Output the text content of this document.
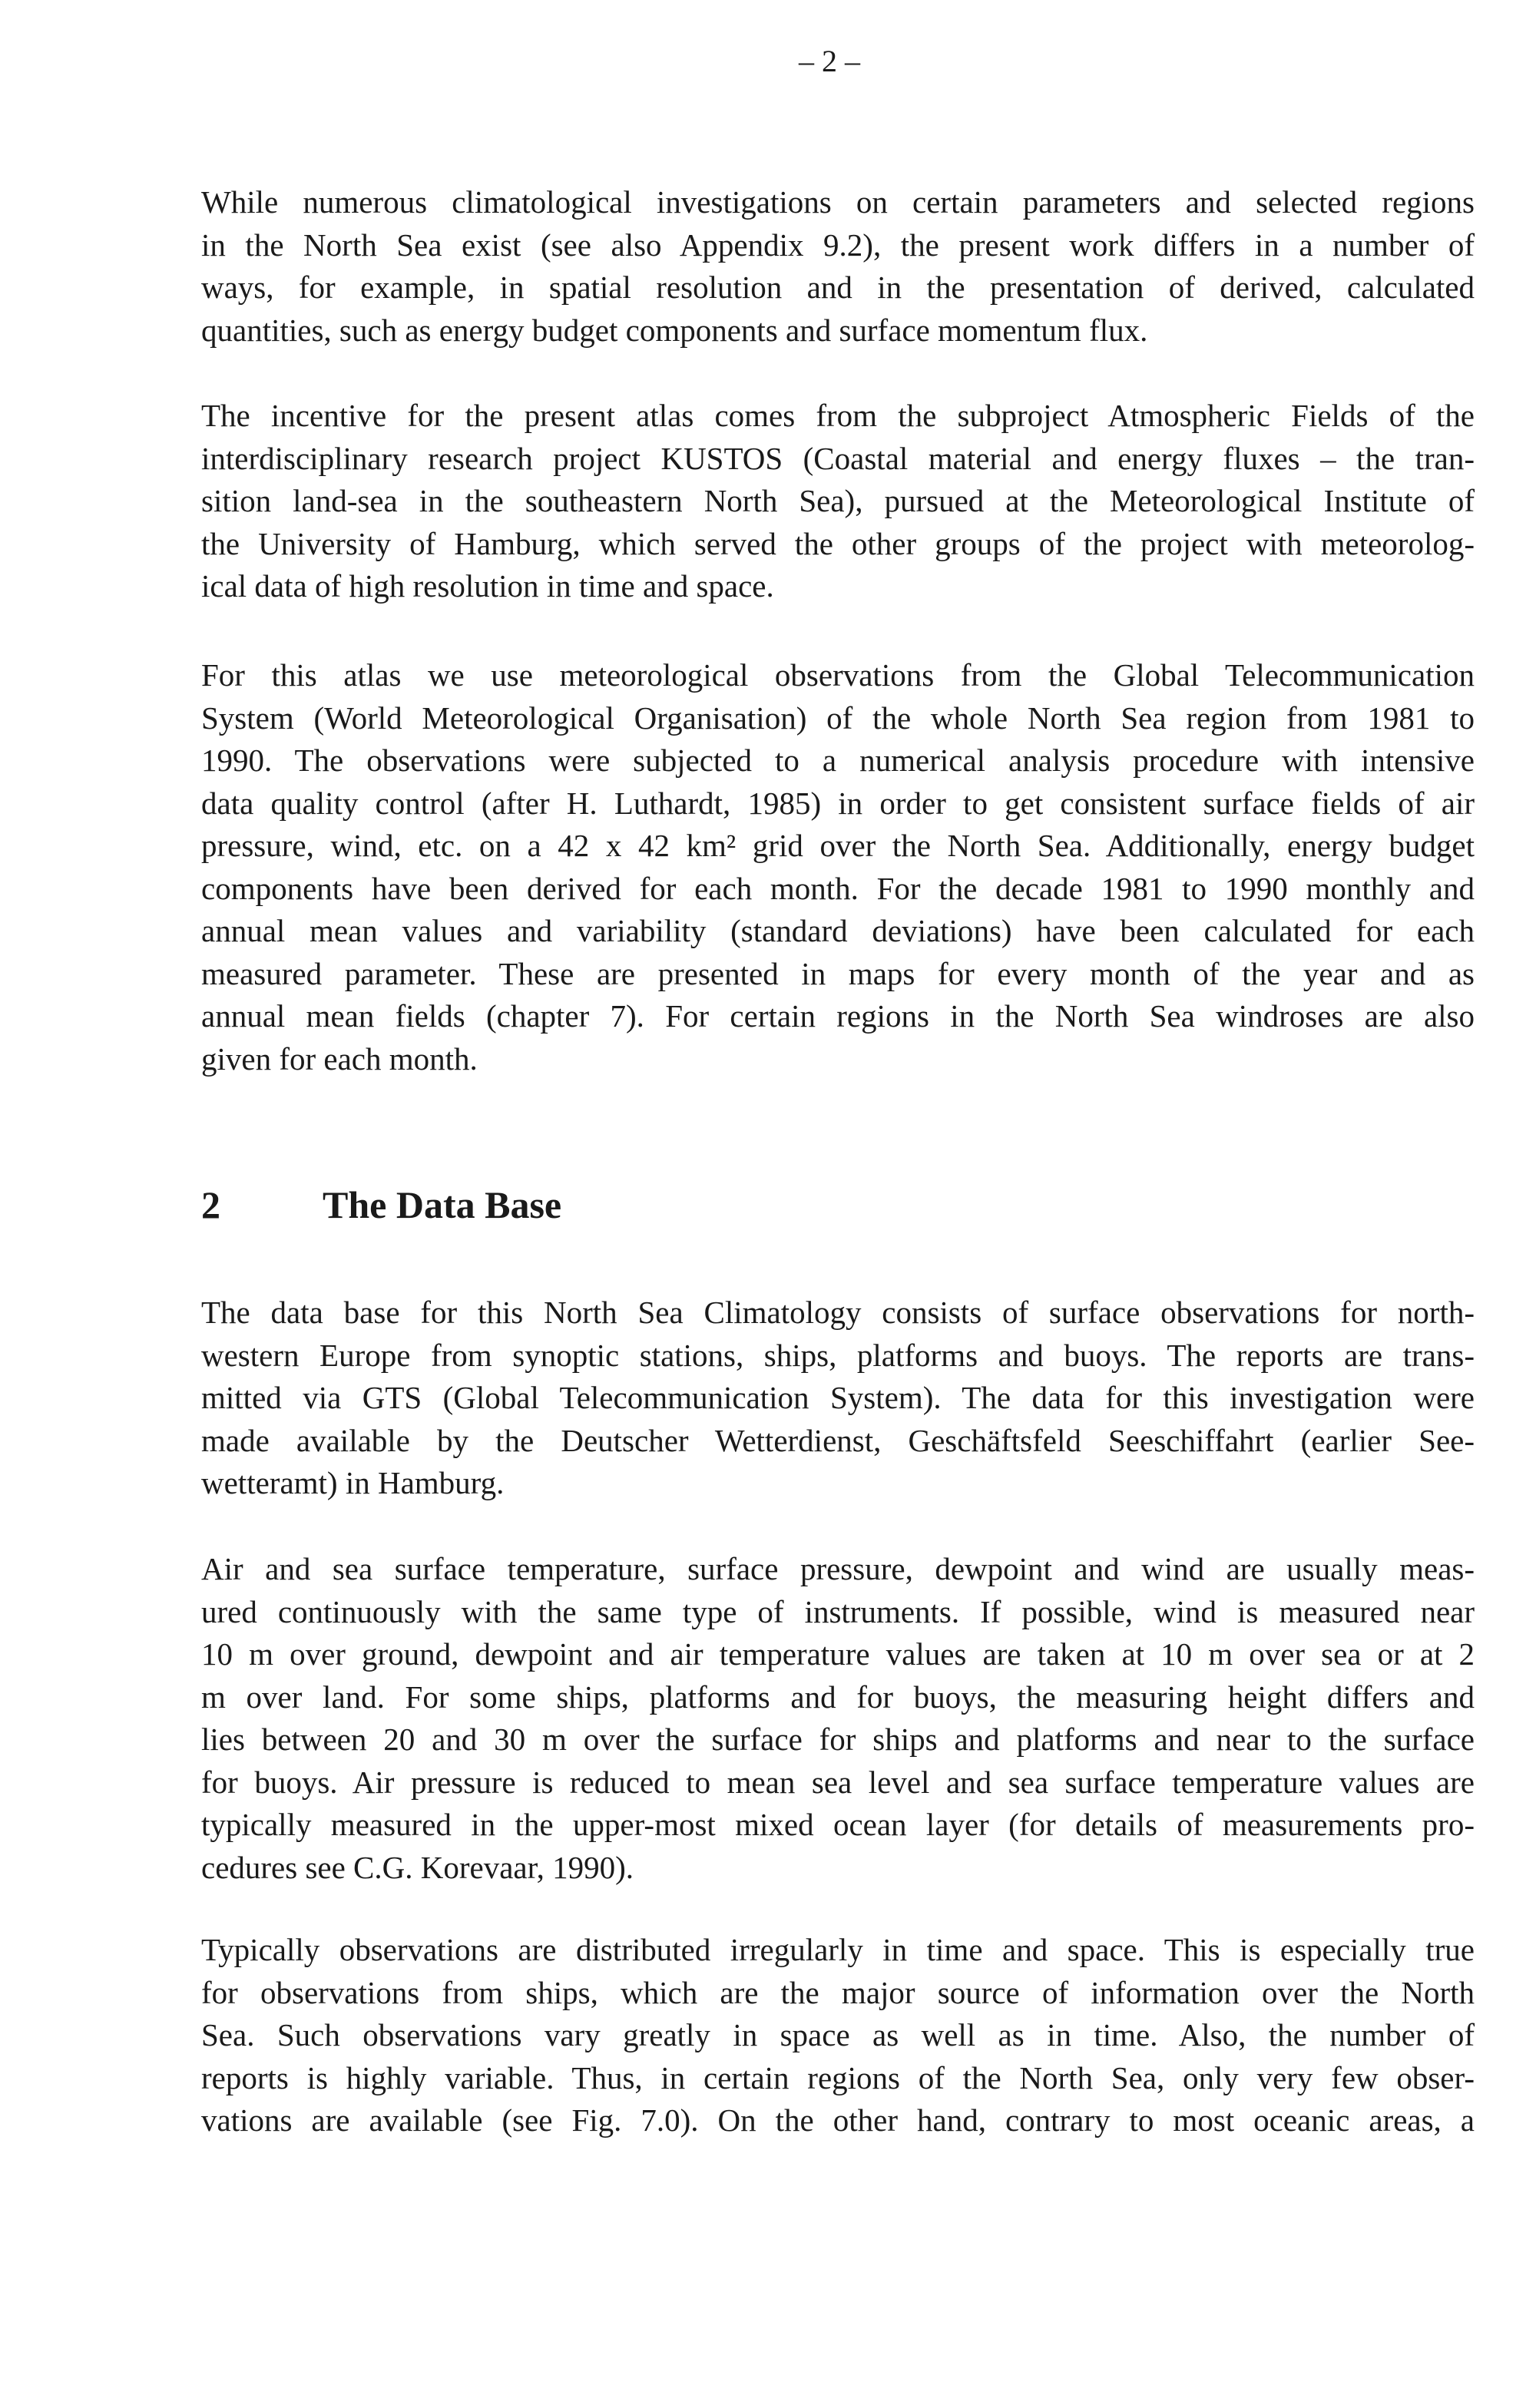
– 2 –
While numerous climatological investigations on certain parameters and selected regions
in the North Sea exist (see also Appendix 9.2), the present work differs in a number of
ways, for example, in spatial resolution and in the presentation of derived, calculated
quantities, such as energy budget components and surface momentum flux.
The incentive for the present atlas comes from the subproject Atmospheric Fields of the
interdisciplinary research project KUSTOS (Coastal material and energy fluxes – the tran-
sition land-sea in the southeastern North Sea), pursued at the Meteorological Institute of
the University of Hamburg, which served the other groups of the project with meteorolog-
ical data of high resolution in time and space.
For this atlas we use meteorological observations from the Global Telecommunication
System (World Meteorological Organisation) of the whole North Sea region from 1981 to
1990. The observations were subjected to a numerical analysis procedure with intensive
data quality control (after H. Luthardt, 1985) in order to get consistent surface fields of air
pressure, wind, etc. on a 42 x 42 km² grid over the North Sea. Additionally, energy budget
components have been derived for each month. For the decade 1981 to 1990 monthly and
annual mean values and variability (standard deviations) have been calculated for each
measured parameter. These are presented in maps for every month of the year and as
annual mean fields (chapter 7). For certain regions in the North Sea windroses are also
given for each month.
2	The Data Base
The data base for this North Sea Climatology consists of surface observations for north-
western Europe from synoptic stations, ships, platforms and buoys. The reports are trans-
mitted via GTS (Global Telecommunication System). The data for this investigation were
made available by the Deutscher Wetterdienst, Geschäftsfeld Seeschiffahrt (earlier See-
wetteramt) in Hamburg.
Air and sea surface temperature, surface pressure, dewpoint and wind are usually meas-
ured continuously with the same type of instruments. If possible, wind is measured near
10 m over ground, dewpoint and air temperature values are taken at 10 m over sea or at 2
m over land. For some ships, platforms and for buoys, the measuring height differs and
lies between 20 and 30 m over the surface for ships and platforms and near to the surface
for buoys. Air pressure is reduced to mean sea level and sea surface temperature values are
typically measured in the upper-most mixed ocean layer (for details of measurements pro-
cedures see C.G. Korevaar, 1990).
Typically observations are distributed irregularly in time and space. This is especially true
for observations from ships, which are the major source of information over the North
Sea. Such observations vary greatly in space as well as in time. Also, the number of
reports is highly variable. Thus, in certain regions of the North Sea, only very few obser-
vations are available (see Fig. 7.0). On the other hand, contrary to most oceanic areas, a
